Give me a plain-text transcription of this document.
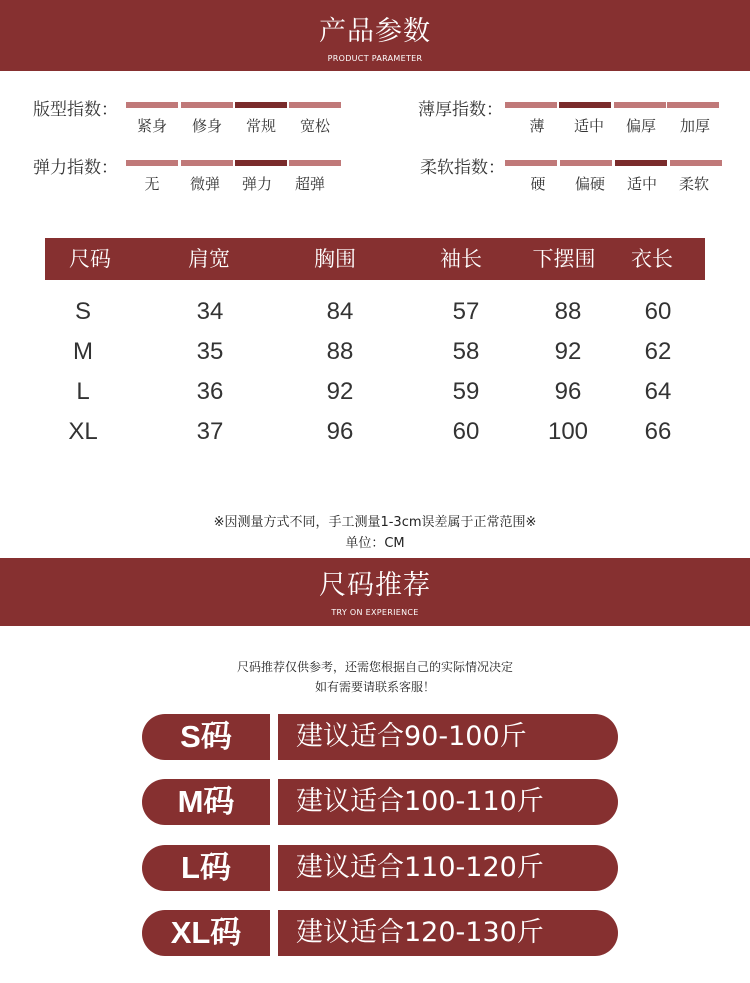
产品参数
PRODUCT PARAMETER
版型指数：
紧身	修身	常规	宽松
薄厚指数：
薄	适中	偏厚	加厚
弹力指数：
无	微弹	弹力	超弹
柔软指数：
硬	偏硬	适中	柔软
尺码	肩宽	胸围	袖长 下摆围 衣长
S	34	84	57	88	60
M	35	88	58	92	62
L	36	92	59	96	64
XL	37	96	60	100 66
※因测量方式不同，手工测量1-3cm误差属于正常范围※
单位：CM
尺码推荐
TRY ON EXPERIENCE
尺码推荐仅供参考，还需您根据自己的实际情况决定
如有需要请联系客服！
S码	建议适合90-100斤
M码	建议适合100-110斤
L码	建议适合110-120斤
XL码	建议适合120-130斤
